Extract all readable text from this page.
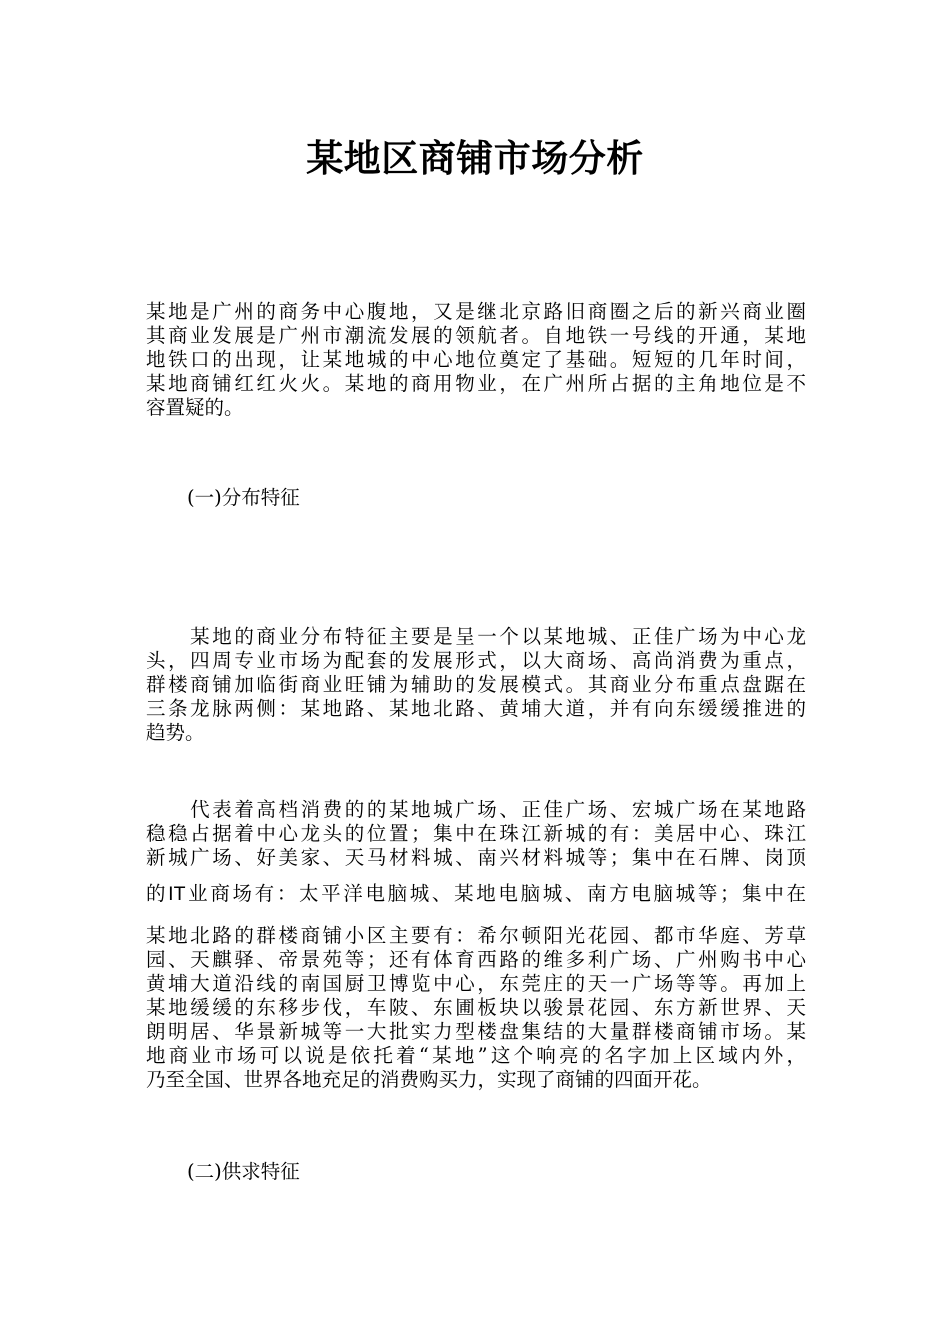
某地区商铺市场分析
某地是广州的商务中心腹地，又是继北京路旧商圈之后的新兴商业圈
其商业发展是广州市潮流发展的领航者。自地铁一号线的开通，某地
地铁口的出现，让某地城的中心地位奠定了基础。短短的几年时间，
某地商铺红红火火。某地的商用物业，在广州所占据的主角地位是不
容置疑的。
(一)分布特征
　　某地的商业分布特征主要是呈一个以某地城、正佳广场为中心龙
头，四周专业市场为配套的发展形式，以大商场、高尚消费为重点，
群楼商铺加临街商业旺铺为辅助的发展模式。其商业分布重点盘踞在
三条龙脉两侧：某地路、某地北路、黄埔大道，并有向东缓缓推进的
趋势。
　　代表着高档消费的的某地城广场、正佳广场、宏城广场在某地路
稳稳占据着中心龙头的位置；集中在珠江新城的有：美居中心、珠江
新城广场、好美家、天马材料城、南兴材料城等；集中在石牌、岗顶
的IT业商场有：太平洋电脑城、某地电脑城、南方电脑城等；集中在
某地北路的群楼商铺小区主要有：希尔顿阳光花园、都市华庭、芳草
园、天麒驿、帝景苑等；还有体育西路的维多利广场、广州购书中心
黄埔大道沿线的南国厨卫博览中心，东莞庄的天一广场等等。再加上
某地缓缓的东移步伐，车陂、东圃板块以骏景花园、东方新世界、天
朗明居、华景新城等一大批实力型楼盘集结的大量群楼商铺市场。某
地商业市场可以说是依托着“某地”这个响亮的名字加上区域内外，
乃至全国、世界各地充足的消费购买力，实现了商铺的四面开花。
(二)供求特征
